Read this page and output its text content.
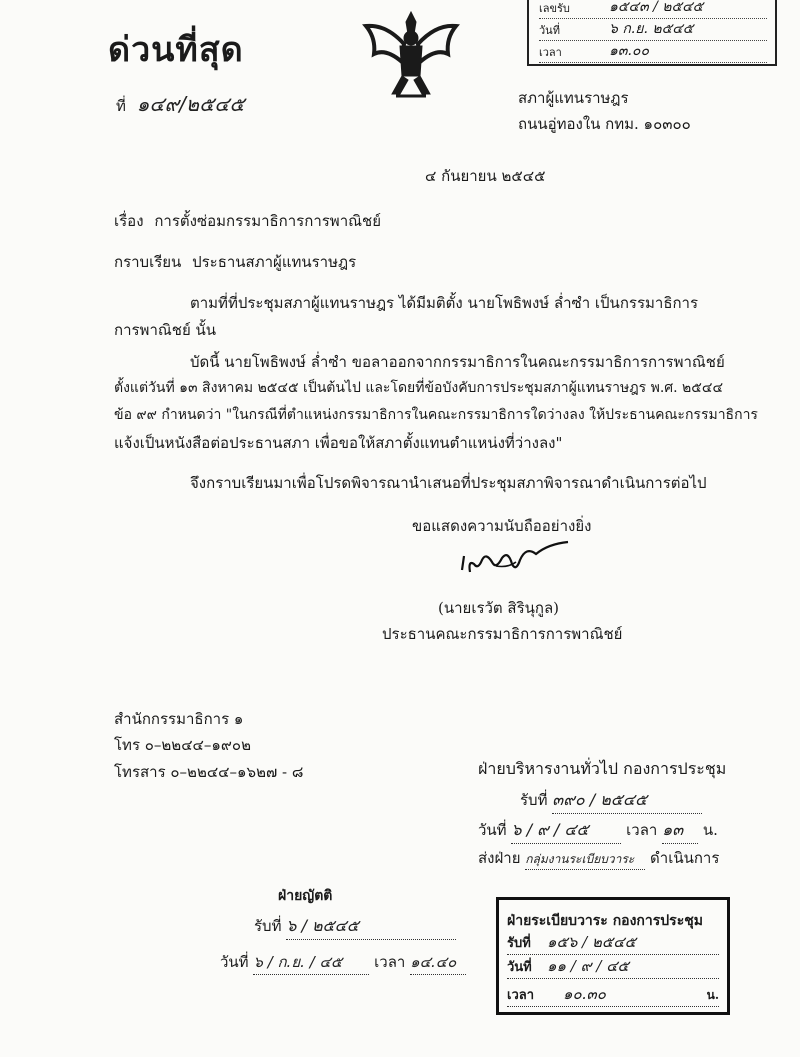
ด่วนที่สุด
ที่ ๑๔๙/๒๕๔๕
เลขรับ	๑๕๔๓ / ๒๕๔๕
วันที่	๖ ก.ย. ๒๕๔๕
เวลา	๑๓.๐๐
สภาผู้แทนราษฎร
ถนนอู่ทองใน กทม. ๑๐๓๐๐
๔ กันยายน ๒๕๔๕
เรื่อง การตั้งซ่อมกรรมาธิการการพาณิชย์
กราบเรียน ประธานสภาผู้แทนราษฎร
ตามที่ที่ประชุมสภาผู้แทนราษฎร ได้มีมติตั้ง นายโพธิพงษ์ ล่ำซำ เป็นกรรมาธิการ
การพาณิชย์ นั้น
บัดนี้ นายโพธิพงษ์ ล่ำซำ ขอลาออกจากกรรมาธิการในคณะกรรมาธิการการพาณิชย์
ตั้งแต่วันที่ ๑๓ สิงหาคม ๒๕๔๕ เป็นต้นไป และโดยที่ข้อบังคับการประชุมสภาผู้แทนราษฎร พ.ศ. ๒๕๔๔
ข้อ ๙๙ กำหนดว่า "ในกรณีที่ตำแหน่งกรรมาธิการในคณะกรรมาธิการใดว่างลง ให้ประธานคณะกรรมาธิการ
แจ้งเป็นหนังสือต่อประธานสภา เพื่อขอให้สภาตั้งแทนตำแหน่งที่ว่างลง"
จึงกราบเรียนมาเพื่อโปรดพิจารณานำเสนอที่ประชุมสภาพิจารณาดำเนินการต่อไป
ขอแสดงความนับถืออย่างยิ่ง
(นายเรวัต สิรินุกูล)
ประธานคณะกรรมาธิการการพาณิชย์
สำนักกรรมาธิการ ๑
โทร ๐–๒๒๔๔–๑๙๐๒
โทรสาร ๐–๒๒๔๔–๑๖๒๗ - ๘	ฝ่ายบริหารงานทั่วไป กองการประชุม
รับที่ ๓๙๐ / ๒๕๔๕
วันที่ ๖ / ๙ / ๔๕	เวลา ๑๓ น.
ส่งฝ่าย กลุ่มงานระเบียบวาระ ดำเนินการ
ฝ่ายญัตติ
รับที่ ๖ / ๒๕๔๕
วันที่ ๖ / ก.ย. / ๔๕ เวลา ๑๔.๔๐
ฝ่ายระเบียบวาระ กองการประชุม
รับที่ ๑๕๖ / ๒๕๔๕
วันที่ ๑๑ / ๙ / ๔๕
เวลา ๑๐.๓๐	น.
